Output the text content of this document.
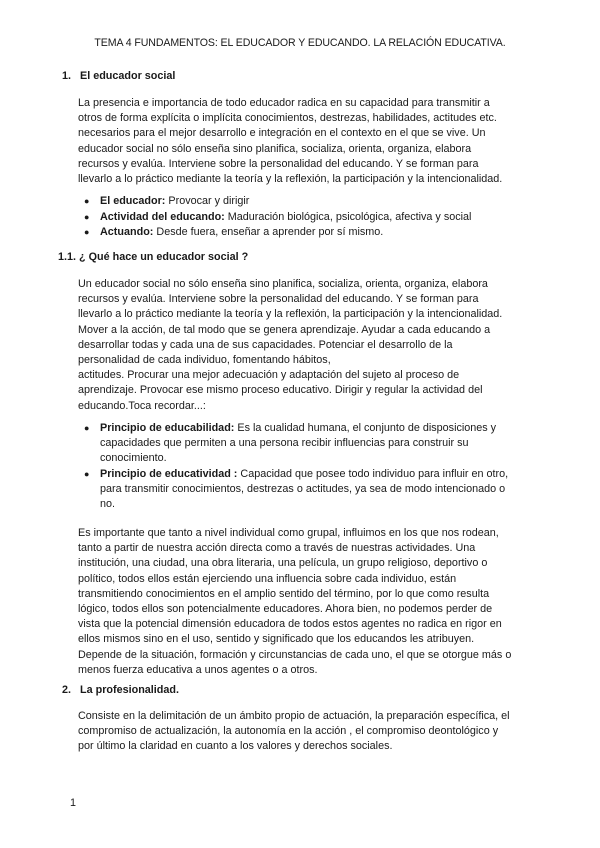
TEMA 4 FUNDAMENTOS: EL EDUCADOR Y EDUCANDO. LA RELACIÓN EDUCATIVA.
1. El educador social
La presencia e importancia de todo educador radica en su capacidad para transmitir a
otros de forma explícita o implícita conocimientos, destrezas, habilidades, actitudes etc.
necesarios para el mejor desarrollo e integración en el contexto en el que se vive. Un
educador social no sólo enseña sino planifica, socializa, orienta, organiza, elabora
recursos y evalúa. Interviene sobre la personalidad del educando. Y se forman para
llevarlo a lo práctico mediante la teoría y la reflexión, la participación y la intencionalidad.
● El educador: Provocar y dirigir
● Actividad del educando: Maduración biológica, psicológica, afectiva y social
● Actuando: Desde fuera, enseñar a aprender por sí mismo.
1.1. ¿ Qué hace un educador social ?
Un educador social no sólo enseña sino planifica, socializa, orienta, organiza, elabora
recursos y evalúa. Interviene sobre la personalidad del educando. Y se forman para
llevarlo a lo práctico mediante la teoría y la reflexión, la participación y la intencionalidad.
Mover a la acción, de tal modo que se genera aprendizaje. Ayudar a cada educando a
desarrollar todas y cada una de sus capacidades. Potenciar el desarrollo de la
personalidad de cada individuo, fomentando hábitos,
actitudes. Procurar una mejor adecuación y adaptación del sujeto al proceso de
aprendizaje. Provocar ese mismo proceso educativo. Dirigir y regular la actividad del
educando.Toca recordar...:
● Principio de educabilidad: Es la cualidad humana, el conjunto de disposiciones y
capacidades que permiten a una persona recibir influencias para construir su
conocimiento.
● Principio de educatividad : Capacidad que posee todo individuo para influir en otro,
para transmitir conocimientos, destrezas o actitudes, ya sea de modo intencionado o
no.
Es importante que tanto a nivel individual como grupal, influimos en los que nos rodean,
tanto a partir de nuestra acción directa como a través de nuestras actividades. Una
institución, una ciudad, una obra literaria, una película, un grupo religioso, deportivo o
político, todos ellos están ejerciendo una influencia sobre cada individuo, están
transmitiendo conocimientos en el amplio sentido del término, por lo que como resulta
lógico, todos ellos son potencialmente educadores. Ahora bien, no podemos perder de
vista que la potencial dimensión educadora de todos estos agentes no radica en rigor en
ellos mismos sino en el uso, sentido y significado que los educandos les atribuyen.
Depende de la situación, formación y circunstancias de cada uno, el que se otorgue más o
menos fuerza educativa a unos agentes o a otros.
2. La profesionalidad.
Consiste en la delimitación de un ámbito propio de actuación, la preparación específica, el
compromiso de actualización, la autonomía en la acción , el compromiso deontológico y
por último la claridad en cuanto a los valores y derechos sociales.
1
